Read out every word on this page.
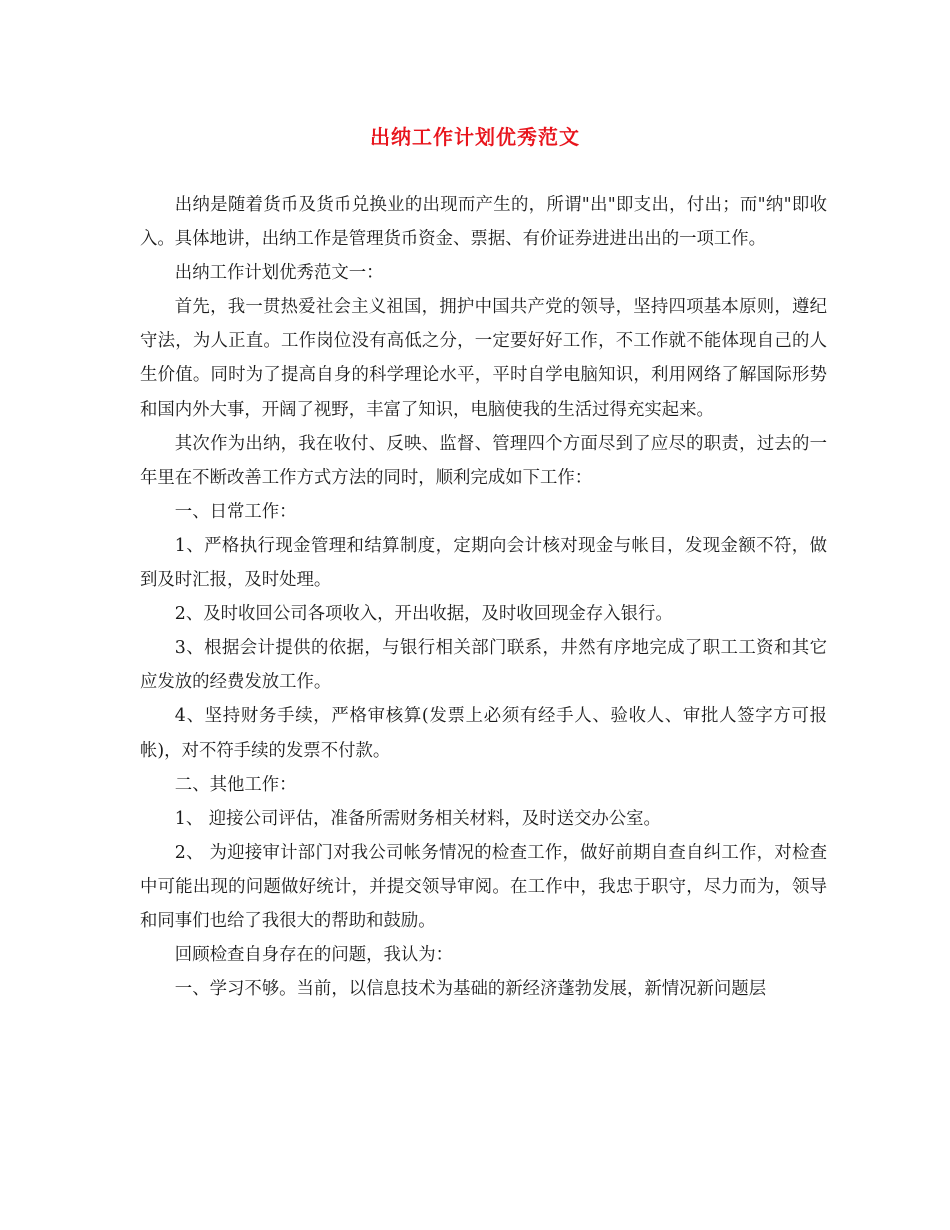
出纳工作计划优秀范文

出纳是随着货币及货币兑换业的出现而产生的，所谓"出"即支出，付出；而"纳"即收入。具体地讲，出纳工作是管理货币资金、票据、有价证券进进出出的一项工作。

出纳工作计划优秀范文一：

首先，我一贯热爱社会主义祖国，拥护中国共产党的领导，坚持四项基本原则，遵纪守法，为人正直。工作岗位没有高低之分，一定要好好工作，不工作就不能体现自己的人生价值。同时为了提高自身的科学理论水平，平时自学电脑知识，利用网络了解国际形势和国内外大事，开阔了视野，丰富了知识，电脑使我的生活过得充实起来。

其次作为出纳，我在收付、反映、监督、管理四个方面尽到了应尽的职责，过去的一年里在不断改善工作方式方法的同时，顺利完成如下工作：

一、日常工作：

1、严格执行现金管理和结算制度，定期向会计核对现金与帐目，发现金额不符，做到及时汇报，及时处理。

2、及时收回公司各项收入，开出收据，及时收回现金存入银行。

3、根据会计提供的依据，与银行相关部门联系，井然有序地完成了职工工资和其它应发放的经费发放工作。

4、坚持财务手续，严格审核算(发票上必须有经手人、验收人、审批人签字方可报帐)，对不符手续的发票不付款。

二、其他工作：

1、 迎接公司评估，准备所需财务相关材料，及时送交办公室。

2、 为迎接审计部门对我公司帐务情况的检查工作，做好前期自查自纠工作，对检查中可能出现的问题做好统计，并提交领导审阅。在工作中，我忠于职守，尽力而为，领导和同事们也给了我很大的帮助和鼓励。

回顾检查自身存在的问题，我认为：

一、学习不够。当前，以信息技术为基础的新经济蓬勃发展，新情况新问题层
